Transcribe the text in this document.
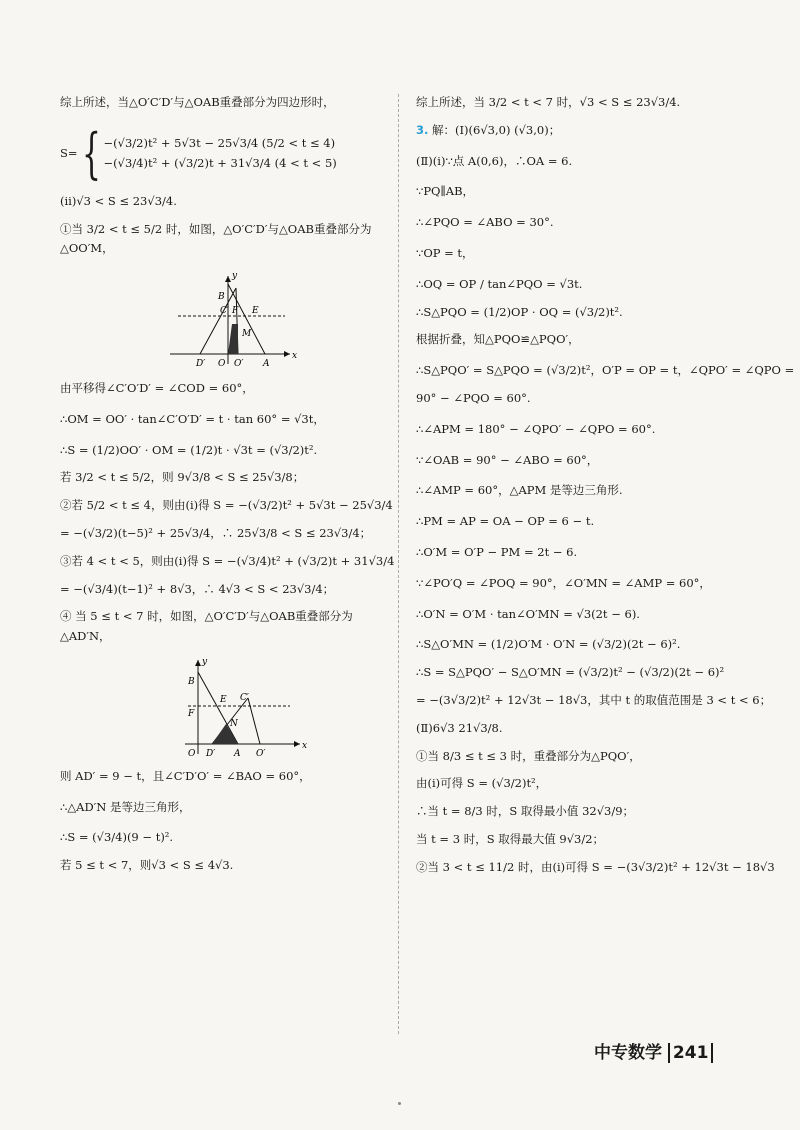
综上所述，当△O′C′D′与△OAB重叠部分为四边形时，
S= { −(√3/2)t² + 5√3t − 25√3/4 (5/2 < t ≤ 4)
−(√3/4)t² + (√3/2)t + 31√3/4 (4 < t < 5)
(ⅱ)√3 < S ≤ 23√3/4.
①当 3/2 < t ≤ 5/2 时，如图，△O′C′D′与△OAB重叠部分为
△OO′M，
y
x
B
C′ F E
M
D′ O O′ A
由平移得∠C′O′D′ = ∠COD = 60°，
∴OM = OO′ · tan∠C′O′D′ = t · tan 60° = √3t，
∴S = (1/2)OO′ · OM = (1/2)t · √3t = (√3/2)t².
若 3/2 < t ≤ 5/2，则 9√3/8 < S ≤ 25√3/8；
②若 5/2 < t ≤ 4，则由(ⅰ)得 S = −(√3/2)t² + 5√3t − 25√3/4
= −(√3/2)(t−5)² + 25√3/4，∴ 25√3/8 < S ≤ 23√3/4；
③若 4 < t < 5，则由(ⅰ)得 S = −(√3/4)t² + (√3/2)t + 31√3/4
= −(√3/4)(t−1)² + 8√3，∴ 4√3 < S < 23√3/4；
④ 当 5 ≤ t < 7 时，如图，△O′C′D′与△OAB重叠部分为
△AD′N，
y
x
B
E C′
F
N
O D′ A O′
则 AD′ = 9 − t，且∠C′D′O′ = ∠BAO = 60°，
∴△AD′N 是等边三角形，
∴S = (√3/4)(9 − t)².
若 5 ≤ t < 7，则√3 < S ≤ 4√3.
综上所述，当 3/2 < t < 7 时，√3 < S ≤ 23√3/4.
3. 解：(Ⅰ)(6√3,0) (√3,0)；
(Ⅱ)(ⅰ)∵点 A(0,6)，∴OA = 6.
∵PQ∥AB，
∴∠PQO = ∠ABO = 30°.
∵OP = t，
∴OQ = OP / tan∠PQO = √3t.
∴S△PQO = (1/2)OP · OQ = (√3/2)t².
根据折叠，知△PQO≌△PQO′，
∴S△PQO′ = S△PQO = (√3/2)t²，O′P = OP = t，∠QPO′ = ∠QPO =
90° − ∠PQO = 60°.
∴∠APM = 180° − ∠QPO′ − ∠QPO = 60°.
∵∠OAB = 90° − ∠ABO = 60°，
∴∠AMP = 60°，△APM 是等边三角形.
∴PM = AP = OA − OP = 6 − t.
∴O′M = O′P − PM = 2t − 6.
∵∠PO′Q = ∠POQ = 90°，∠O′MN = ∠AMP = 60°，
∴O′N = O′M · tan∠O′MN = √3(2t − 6).
∴S△O′MN = (1/2)O′M · O′N = (√3/2)(2t − 6)².
∴S = S△PQO′ − S△O′MN = (√3/2)t² − (√3/2)(2t − 6)²
= −(3√3/2)t² + 12√3t − 18√3，其中 t 的取值范围是 3 < t < 6；
(Ⅱ)6√3 21√3/8.
①当 8/3 ≤ t ≤ 3 时，重叠部分为△PQO′，
由(ⅰ)可得 S = (√3/2)t²，
∴当 t = 8/3 时，S 取得最小值 32√3/9；
当 t = 3 时，S 取得最大值 9√3/2；
②当 3 < t ≤ 11/2 时，由(ⅰ)可得 S = −(3√3/2)t² + 12√3t − 18√3
中专数学 241
